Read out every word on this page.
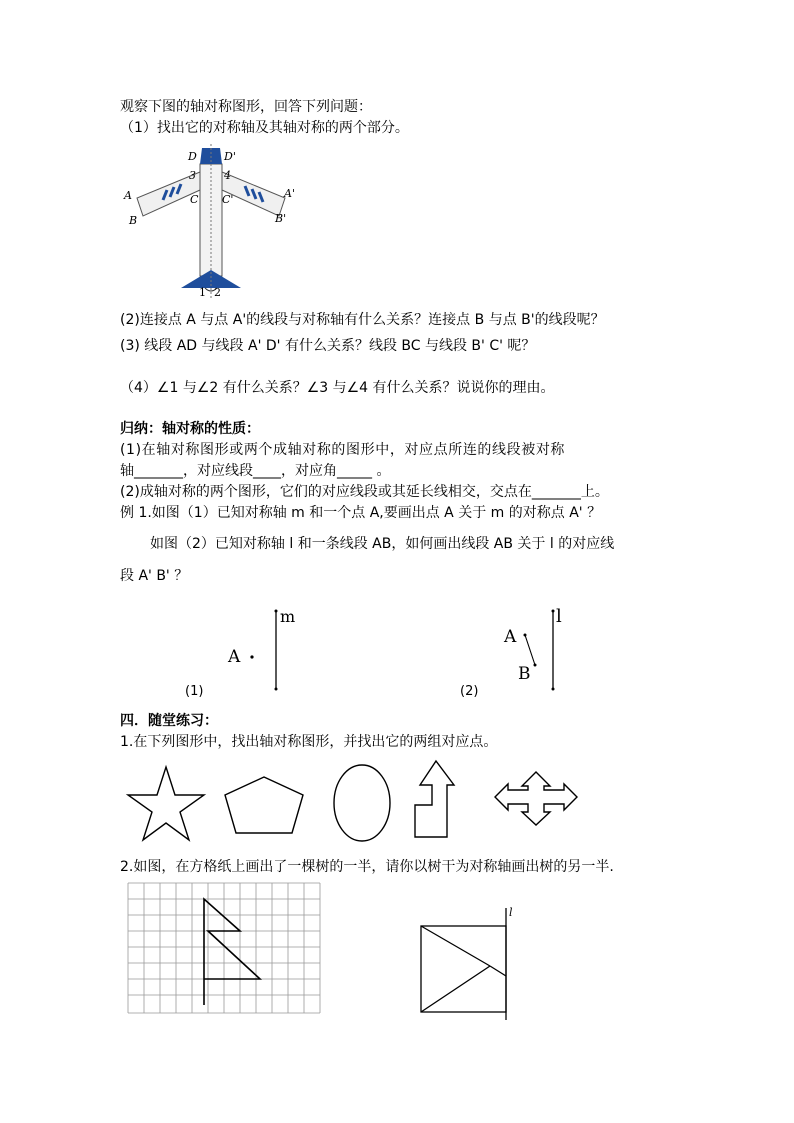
观察下图的轴对称图形，回答下列问题：
（1）找出它的对称轴及其轴对称的两个部分。
D D'
3	4
A	A'
C C'
B	B'
1 2
(2)连接点 A 与点 A'的线段与对称轴有什么关系？连接点 B 与点 B'的线段呢？
(3) 线段 AD 与线段 A' D' 有什么关系？线段 BC 与线段 B' C' 呢？
（4）∠1 与∠2 有什么关系？∠3 与∠4 有什么关系？说说你的理由。
归纳：轴对称的性质：
(1)在轴对称图形或两个成轴对称的图形中，对应点所连的线段被对称
轴_______，对应线段____，对应角_____ 。
(2)成轴对称的两个图形，它们的对应线段或其延长线相交，交点在_______上。
例 1.如图（1）已知对称轴 m 和一个点 A,要画出点 A 关于 m 的对称点 A' ？
如图（2）已知对称轴 l 和一条线段 AB，如何画出线段 AB 关于 l 的对应线
段 A' B' ？
m
A
(1)
l
A
B
(2)
四．随堂练习：
1.在下列图形中，找出轴对称图形，并找出它的两组对应点。
2.如图，在方格纸上画出了一棵树的一半，请你以树干为对称轴画出树的另一半.
l
